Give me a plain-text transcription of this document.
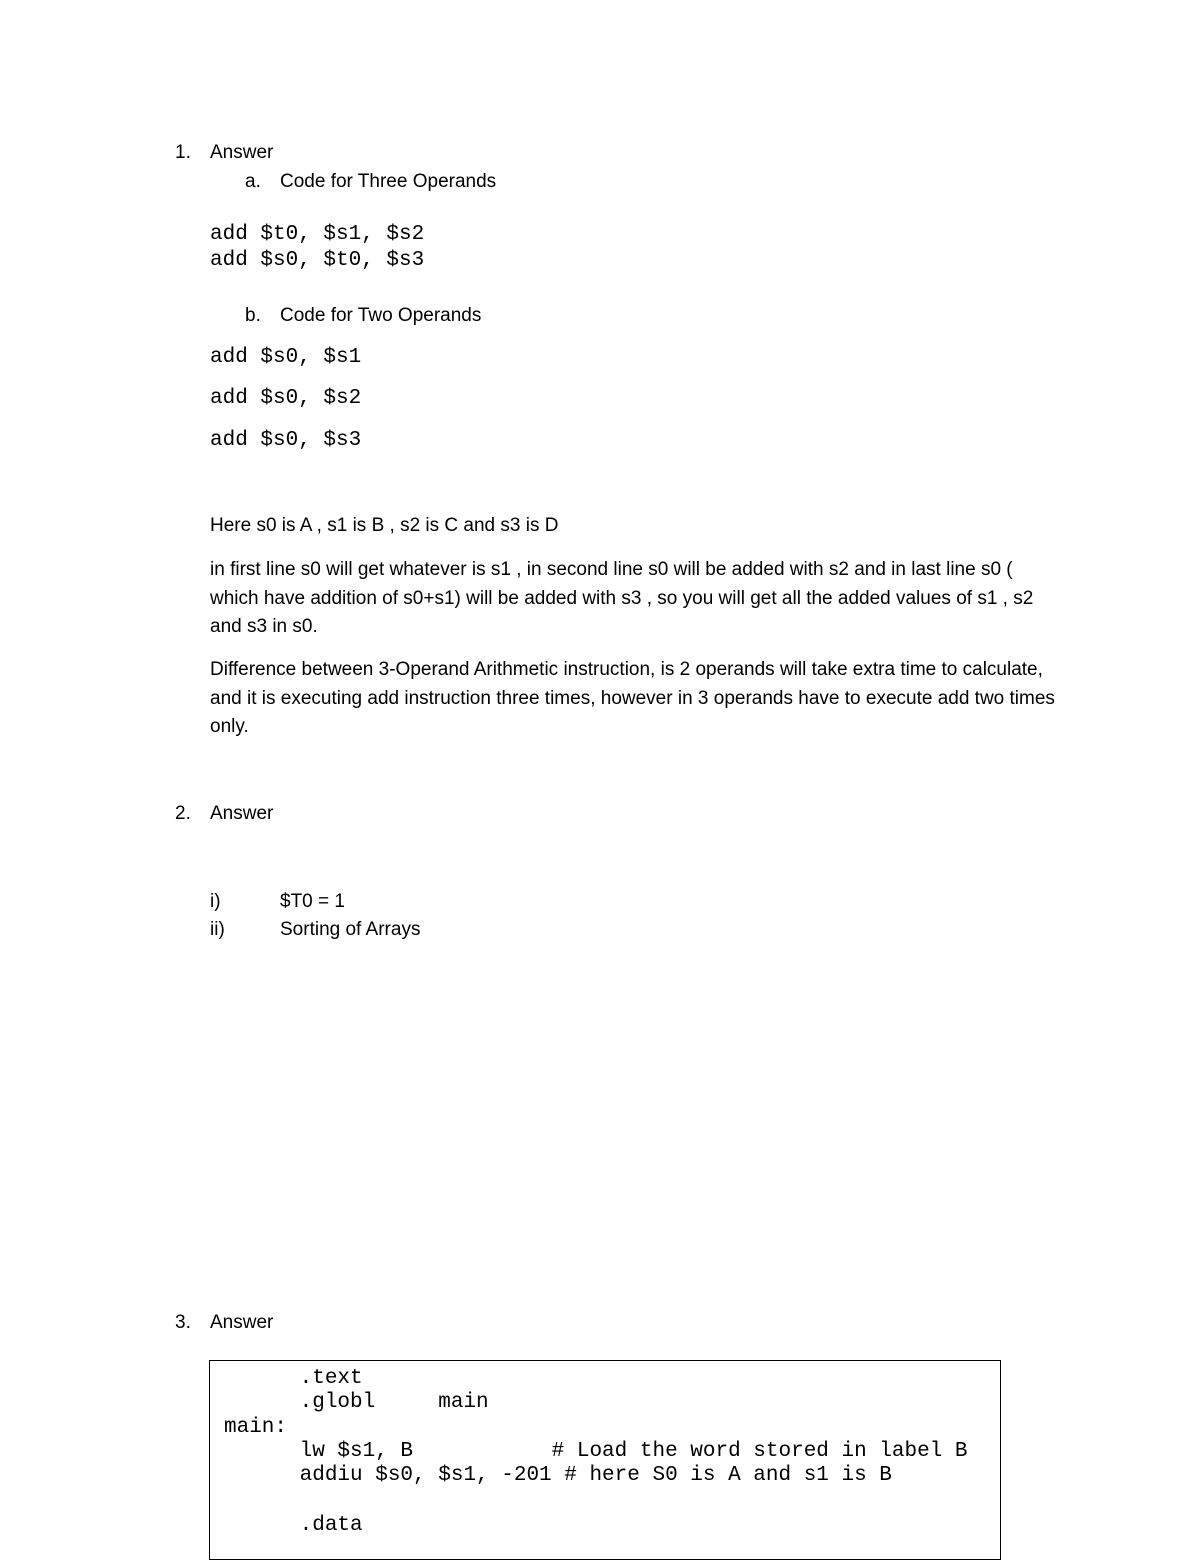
1. Answer
a. Code for Three Operands
add $t0, $s1, $s2
add $s0, $t0, $s3
b. Code for Two Operands
add $s0, $s1
add $s0, $s2
add $s0, $s3
Here s0 is A , s1 is B , s2 is C and s3 is D
in first line s0 will get whatever is s1 , in second line s0 will be added with s2 and in last line s0 ( which have addition of s0+s1) will be added with s3 , so you will get all the added values of s1 , s2 and s3 in s0.
Difference between 3-Operand Arithmetic instruction, is 2 operands will take extra time to calculate, and it is executing add instruction three times, however in 3 operands have to execute add two times only.
2. Answer
i)	$T0 = 1
ii)	Sorting of Arrays
3. Answer
.text
.globl     main
main:
lw $s1, B           # Load the word stored in label B
addiu $s0, $s1, -201 # here S0 is A and s1 is B
.data
